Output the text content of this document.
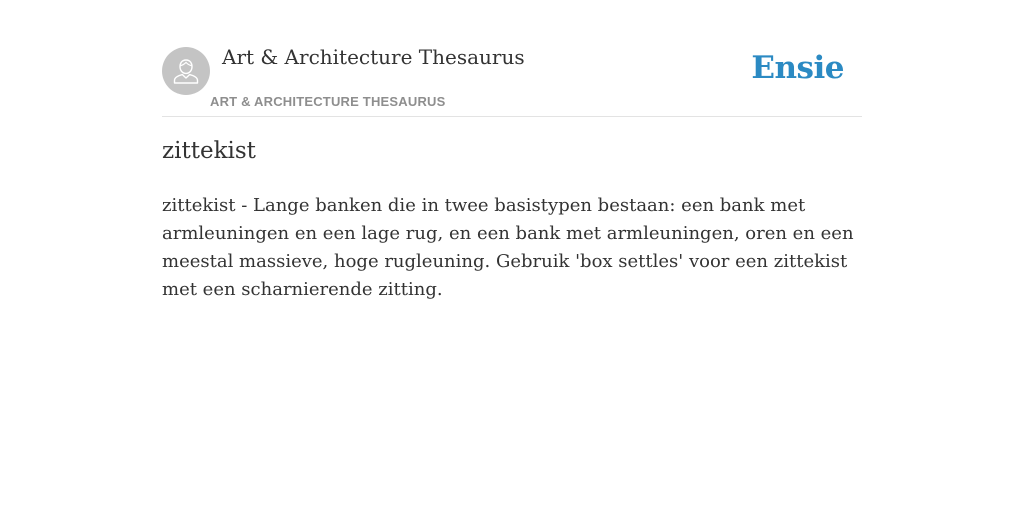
Art & Architecture Thesaurus
ART & ARCHITECTURE THESAURUS
Ensie
zittekist

zittekist - Lange banken die in twee basistypen bestaan: een bank met armleuningen en een lage rug, en een bank met armleuningen, oren en een meestal massieve, hoge rugleuning. Gebruik 'box settles' voor een zittekist met een scharnierende zitting.
